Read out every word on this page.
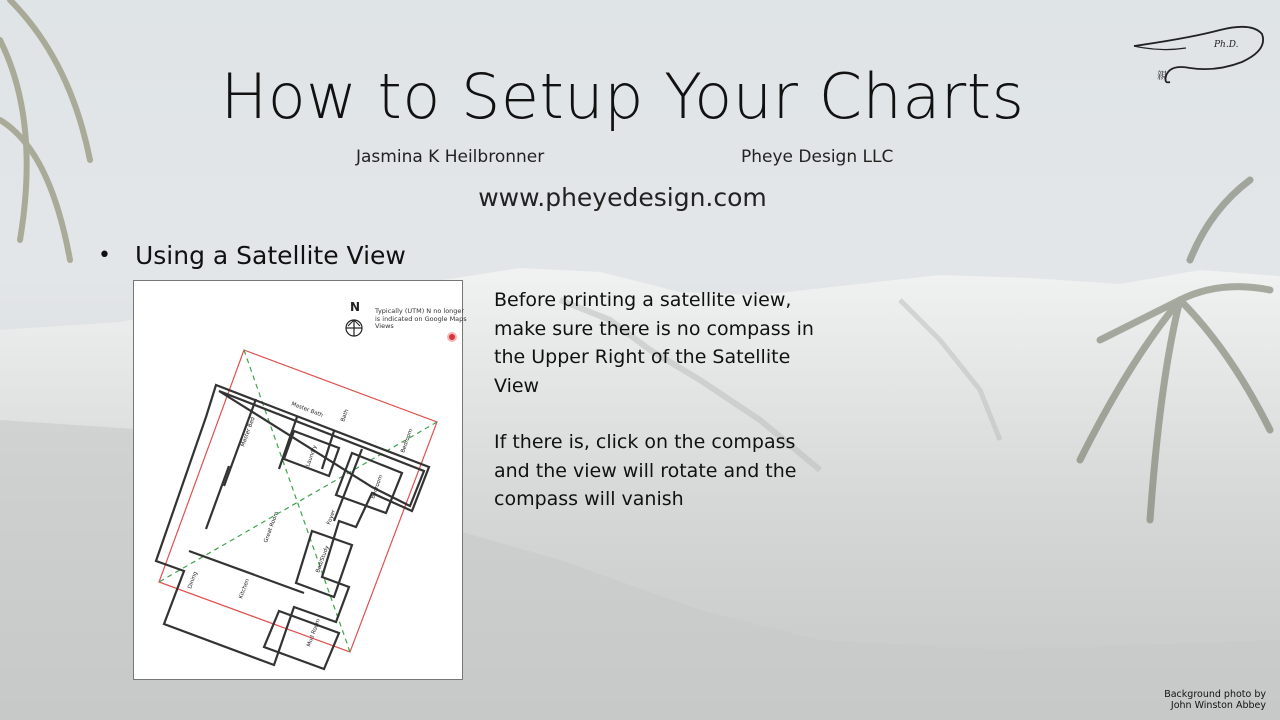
How to Setup Your Charts
Jasmina K Heilbronner	Pheye Design LLC
www.pheyedesign.com
• Using a Satellite View
Master Bath	Bath
Master Bed
Laundry
Bedroom
Bedroom
Great Room	Foyer
Bed/Study
Dining	Kitchen
Mud Room
N Typically (UTM) N no longer is indicated on Google Maps Views
Before printing a satellite view, make sure there is no compass in the Upper Right of the Satellite View
If there is, click on the compass and the view will rotate and the compass will vanish
Ph.D.
親
Background photo by
John Winston Abbey
